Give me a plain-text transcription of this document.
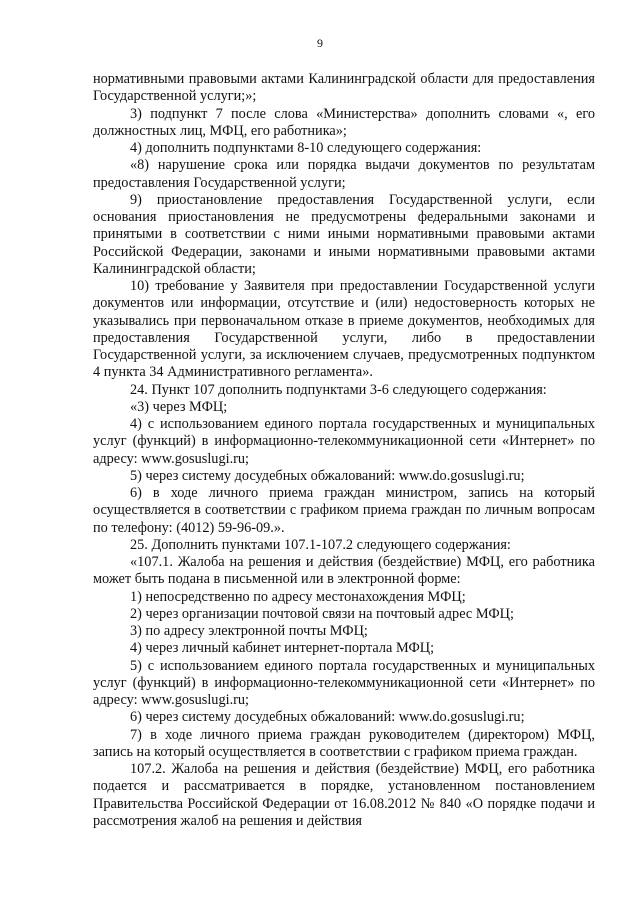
9

нормативными правовыми актами Калининградской области для предоставления Государственной услуги;»;

3) подпункт 7 после слова «Министерства» дополнить словами «, его должностных лиц, МФЦ, его работника»;

4) дополнить подпунктами 8-10 следующего содержания:

«8) нарушение срока или порядка выдачи документов по результатам предоставления Государственной услуги;

9) приостановление предоставления Государственной услуги, если основания приостановления не предусмотрены федеральными законами и принятыми в соответствии с ними иными нормативными правовыми актами Российской Федерации, законами и иными нормативными правовыми актами Калининградской области;

10) требование у Заявителя при предоставлении Государственной услуги документов или информации, отсутствие и (или) недостоверность которых не указывались при первоначальном отказе в приеме документов, необходимых для предоставления Государственной услуги, либо в предоставлении Государственной услуги, за исключением случаев, предусмотренных подпунктом 4 пункта 34 Административного регламента».

24. Пункт 107 дополнить подпунктами 3-6 следующего содержания:

«3) через МФЦ;

4) с использованием единого портала государственных и муниципальных услуг (функций) в информационно-телекоммуникационной сети «Интернет» по адресу: www.gosuslugi.ru;

5) через систему досудебных обжалований: www.do.gosuslugi.ru;

6) в ходе личного приема граждан министром, запись на который осуществляется в соответствии с графиком приема граждан по личным вопросам по телефону: (4012) 59-96-09.».

25. Дополнить пунктами 107.1-107.2 следующего содержания:

«107.1. Жалоба на решения и действия (бездействие) МФЦ, его работника может быть подана в письменной или в электронной форме:

1) непосредственно по адресу местонахождения МФЦ;

2) через организации почтовой связи на почтовый адрес МФЦ;

3) по адресу электронной почты МФЦ;

4) через личный кабинет интернет-портала МФЦ;

5) с использованием единого портала государственных и муниципальных услуг (функций) в информационно-телекоммуникационной сети «Интернет» по адресу: www.gosuslugi.ru;

6) через систему досудебных обжалований: www.do.gosuslugi.ru;

7) в ходе личного приема граждан руководителем (директором) МФЦ, запись на который осуществляется в соответствии с графиком приема граждан.

107.2. Жалоба на решения и действия (бездействие) МФЦ, его работника подается и рассматривается в порядке, установленном постановлением Правительства Российской Федерации от 16.08.2012 № 840 «О порядке подачи и рассмотрения жалоб на решения и действия
